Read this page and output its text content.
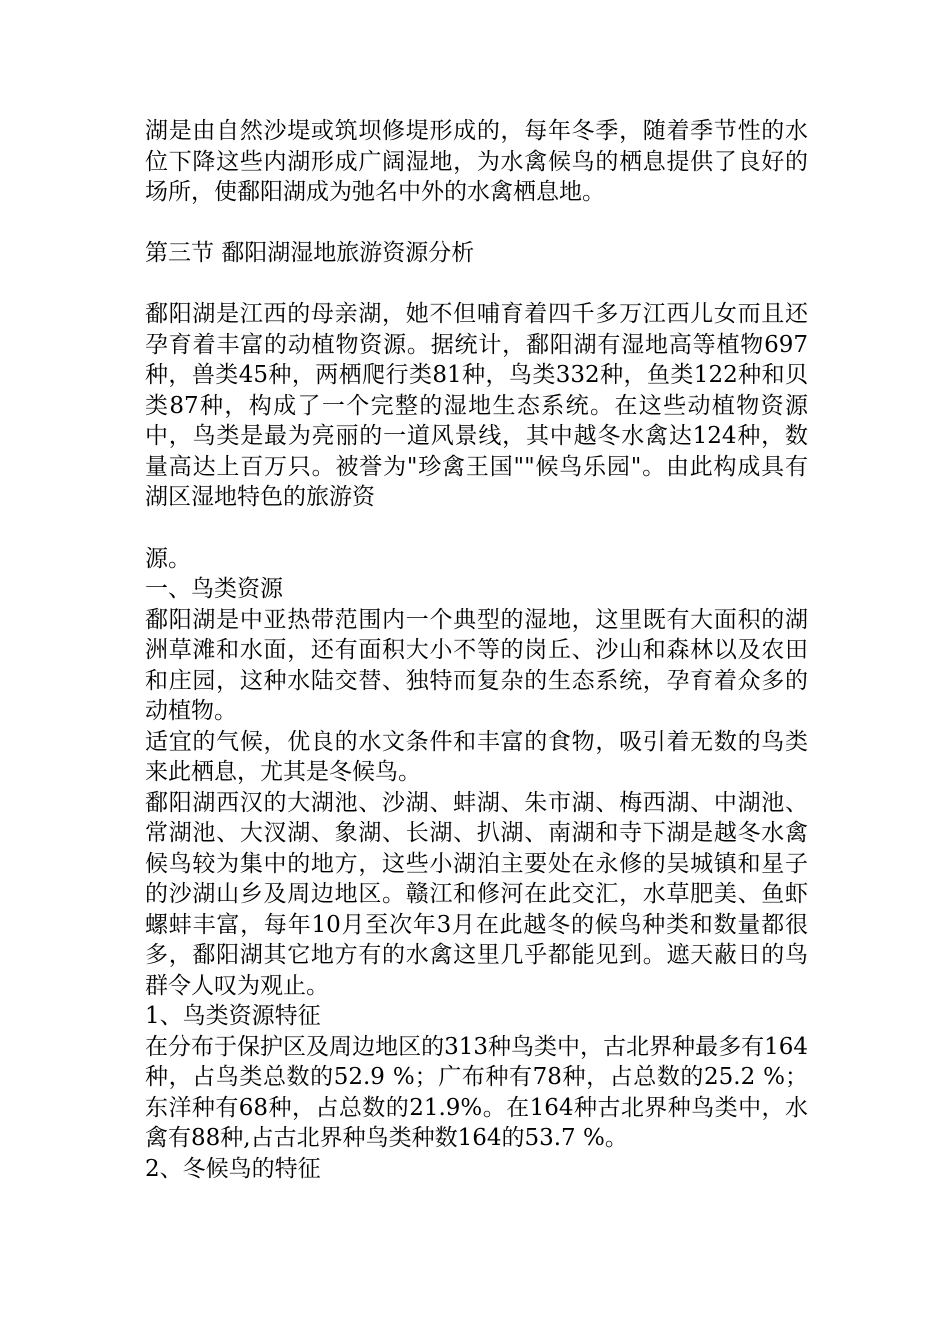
湖是由自然沙堤或筑坝修堤形成的，每年冬季，随着季节性的水位下降这些内湖形成广阔湿地，为水禽候鸟的栖息提供了良好的场所，使鄱阳湖成为弛名中外的水禽栖息地。

第三节 鄱阳湖湿地旅游资源分析

鄱阳湖是江西的母亲湖，她不但哺育着四千多万江西儿女而且还孕育着丰富的动植物资源。据统计，鄱阳湖有湿地高等植物697种，兽类45种，两栖爬行类81种，鸟类332种，鱼类122种和贝类87种，构成了一个完整的湿地生态系统。在这些动植物资源中，鸟类是最为亮丽的一道风景线，其中越冬水禽达124种，数量高达上百万只。被誉为"珍禽王国""候鸟乐园"。由此构成具有湖区湿地特色的旅游资

源。

一、鸟类资源

鄱阳湖是中亚热带范围内一个典型的湿地，这里既有大面积的湖洲草滩和水面，还有面积大小不等的岗丘、沙山和森林以及农田和庄园，这种水陆交替、独特而复杂的生态系统，孕育着众多的动植物。

适宜的气候，优良的水文条件和丰富的食物，吸引着无数的鸟类来此栖息，尤其是冬候鸟。

鄱阳湖西汉的大湖池、沙湖、蚌湖、朱市湖、梅西湖、中湖池、常湖池、大汊湖、象湖、长湖、扒湖、南湖和寺下湖是越冬水禽候鸟较为集中的地方，这些小湖泊主要处在永修的吴城镇和星子的沙湖山乡及周边地区。赣江和修河在此交汇，水草肥美、鱼虾螺蚌丰富，每年10月至次年3月在此越冬的候鸟种类和数量都很多，鄱阳湖其它地方有的水禽这里几乎都能见到。遮天蔽日的鸟群令人叹为观止。

1、鸟类资源特征

在分布于保护区及周边地区的313种鸟类中，古北界种最多有164种，占鸟类总数的52.9 %；广布种有78种，占总数的25.2 %；东洋种有68种，占总数的21.9%。在164种古北界种鸟类中，水禽有88种,占古北界种鸟类种数164的53.7 %。

2、冬候鸟的特征
